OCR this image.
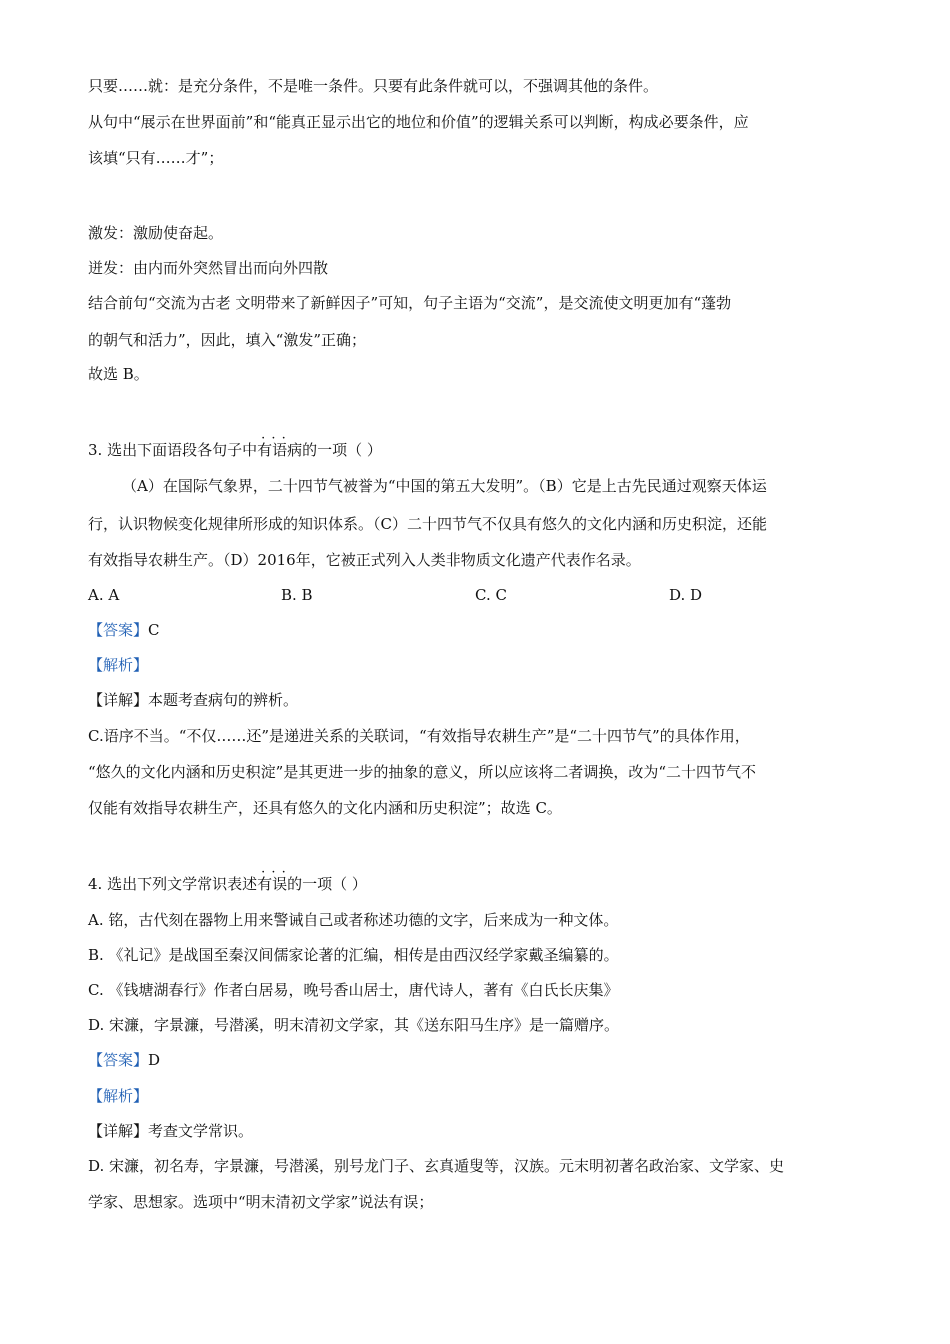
只要……就：是充分条件，不是唯一条件。只要有此条件就可以，不强调其他的条件。
从句中“展示在世界面前”和“能真正显示出它的地位和价值”的逻辑关系可以判断，构成必要条件，应
该填“只有……才”；
激发：激励使奋起。
迸发：由内而外突然冒出而向外四散
结合前句“交流为古老 文明带来了新鲜因子”可知，句子主语为“交流”，是交流使文明更加有“蓬勃
的朝气和活力”，因此，填入“激发”正确；
故选 B。
3. 选出下面语段各句子中· · · 有语病的一项（ ）
（A）在国际气象界，二十四节气被誉为“中国的第五大发明”。（B）它是上古先民通过观察天体运
行，认识物候变化规律所形成的知识体系。（C）二十四节气不仅具有悠久的文化内涵和历史积淀，还能
有效指导农耕生产。（D）2016年，它被正式列入人类非物质文化遗产代表作名录。
A. A	B. B	C. C	D. D
【答案】C
【解析】
【详解】本题考查病句的辨析。
C.语序不当。“不仅……还”是递进关系的关联词，“有效指导农耕生产”是“二十四节气”的具体作用，
“悠久的文化内涵和历史积淀”是其更进一步的抽象的意义，所以应该将二者调换，改为“二十四节气不
仅能有效指导农耕生产，还具有悠久的文化内涵和历史积淀”；故选 C。
4. 选出下列文学常识表述· · · 有误的一项（ ）
A. 铭，古代刻在器物上用来警诫自己或者称述功德的文字，后来成为一种文体。
B. 《礼记》是战国至秦汉间儒家论著的汇编，相传是由西汉经学家戴圣编纂的。
C. 《钱塘湖春行》作者白居易，晚号香山居士，唐代诗人，著有《白氏长庆集》
D. 宋濂，字景濂，号潜溪，明末清初文学家，其《送东阳马生序》是一篇赠序。
【答案】D
【解析】
【详解】考查文学常识。
D. 宋濂，初名寿，字景濂，号潜溪，别号龙门子、玄真遁叟等，汉族。元末明初著名政治家、文学家、史
学家、思想家。选项中“明末清初文学家”说法有误；
